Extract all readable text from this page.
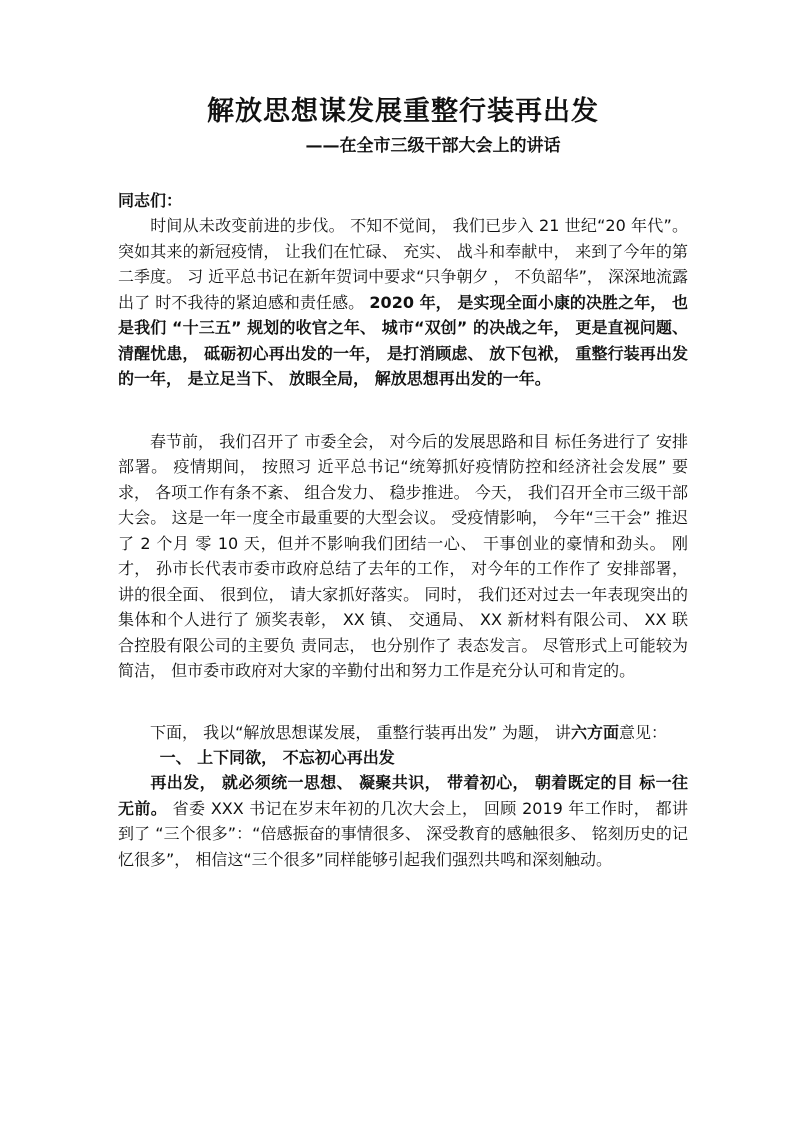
解放思想谋发展重整行装再出发
——在全市三级干部大会上的讲话
同志们：

时间从未改变前进的步伐。 不知不觉间， 我们已步入 21 世纪“20 年代”。 突如其来的新冠疫情， 让我们在忙碌、 充实、 战斗和奉献中， 来到了今年的第二季度。 习 近平总书记在新年贺词中要求“只争朝夕 ， 不负韶华”， 深深地流露出了 时不我待的紧迫感和责任感。 2020 年， 是实现全面小康的决胜之年， 也是我们 “十三五” 规划的收官之年、 城市“双创” 的决战之年， 更是直视问题、 清醒忧患， 砥砺初心再出发的一年， 是打消顾虑、 放下包袱， 重整行装再出发的一年， 是立足当下、 放眼全局， 解放思想再出发的一年。

春节前， 我们召开了 市委全会， 对今后的发展思路和目 标任务进行了 安排部署。 疫情期间， 按照习 近平总书记“统筹抓好疫情防控和经济社会发展” 要求， 各项工作有条不紊、 组合发力、 稳步推进。 今天， 我们召开全市三级干部大会。 这是一年一度全市最重要的大型会议。 受疫情影响， 今年“三干会” 推迟了 2 个月 零 10 天，但并不影响我们团结一心、 干事创业的豪情和劲头。 刚才， 孙市长代表市委市政府总结了去年的工作， 对今年的工作作了 安排部署，讲的很全面、 很到位， 请大家抓好落实。 同时， 我们还对过去一年表现突出的集体和个人进行了 颁奖表彰， XX 镇、 交通局、 XX 新材料有限公司、 XX 联合控股有限公司的主要负 责同志， 也分别作了 表态发言。 尽管形式上可能较为简洁， 但市委市政府对大家的辛勤付出和努力工作是充分认可和肯定的。

下面， 我以“解放思想谋发展， 重整行装再出发” 为题， 讲六方面意见：

一、 上下同欲， 不忘初心再出发

再出发， 就必须统一思想、 凝聚共识， 带着初心， 朝着既定的目 标一往无前。 省委 XXX 书记在岁末年初的几次大会上， 回顾 2019 年工作时， 都讲到了 “三个很多”：“倍感振奋的事情很多、 深受教育的感触很多、 铭刻历史的记忆很多”， 相信这“三个很多”同样能够引起我们强烈共鸣和深刻触动。
